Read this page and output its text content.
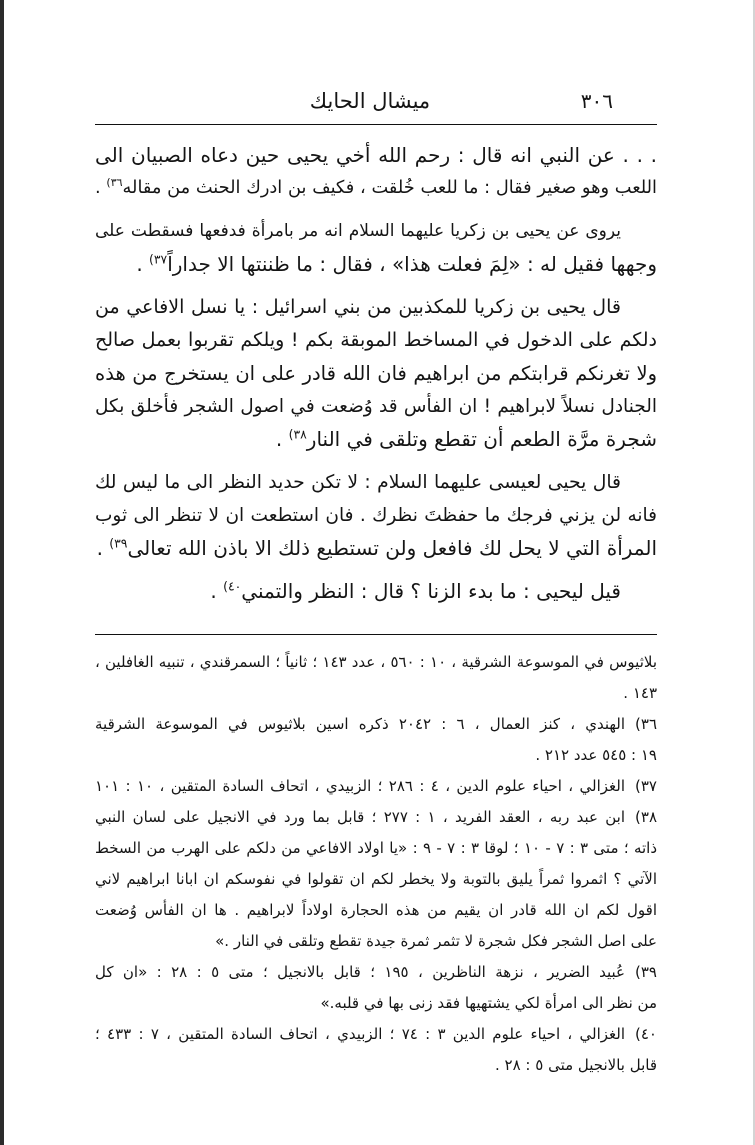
٣٠٦
ميشال الحايك
. . . عن النبي انه قال : رحم الله أخي يحيى حين دعاه الصبيان الى
اللعب وهو صغير فقال : ما للعب خُلقت ، فكيف بن ادرك الحنث من مقاله$^{٣٦)}$ .
يروى عن يحيى بن زكريا عليهما السلام انه مر بامرأة فدفعها فسقطت على
وجهها فقيل له : «لِمَ فعلت هذا» ، فقال : ما ظننتها الا جداراً$^{٣٧)}$ .
قال يحيى بن زكريا للمكذبين من بني اسرائيل : يا نسل الافاعي من
دلكم على الدخول في المساخط الموبقة بكم ! ويلكم تقربوا بعمل صالح
ولا تغرنكم قرابتكم من ابراهيم فان الله قادر على ان يستخرج من هذه
الجنادل نسلاً لابراهيم ! ان الفأس قد وُضعت في اصول الشجر فأخلق بكل
شجرة مرَّة الطعم أن تقطع وتلقى في النار$^{٣٨)}$ .
قال يحيى لعيسى عليهما السلام : لا تكن حديد النظر الى ما ليس لك
فانه لن يزني فرجك ما حفظتَ نظرك . فان استطعت ان لا تنظر الى ثوب
المرأة التي لا يحل لك فافعل ولن تستطيع ذلك الا باذن الله تعالى$^{٣٩)}$ .
قيل ليحيى : ما بدء الزنا ؟ قال : النظر والتمني$^{٤٠)}$ .
بلاثيوس في الموسوعة الشرقية ، ١٠ : ٥٦٠ ، عدد ١٤٣ ؛ ثانياً ؛ السمرقندي ، تنبيه الغافلين ،
١٤٣ .
٣٦)الهندي ، كنز العمال ، ٦ : ٢٠٤٢ ذكره اسين بلاثيوس في الموسوعة الشرقية
١٩ : ٥٤٥ عدد ٢١٢ .
٣٧)الغزالي ، احياء علوم الدين ، ٤ : ٢٨٦ ؛ الزبيدي ، اتحاف السادة المتقين ، ١٠ : ١٠١
٣٨)ابن عبد ربه ، العقد الفريد ، ١ : ٢٧٧ ؛ قابل بما ورد في الانجيل على لسان النبي
ذاته ؛ متى ٣ : ٧ - ١٠ ؛ لوقا ٣ : ٧ - ٩ : «يا اولاد الافاعي من دلكم على الهرب من السخط
الآتي ؟ اثمروا ثمراً يليق بالتوبة ولا يخطر لكم ان تقولوا في نفوسكم ان ابانا ابراهيم لاني
اقول لكم ان الله قادر ان يقيم من هذه الحجارة اولاداً لابراهيم . ها ان الفأس وُضعت
على اصل الشجر فكل شجرة لا تثمر ثمرة جيدة تقطع وتلقى في النار .»
٣٩)عُبيد الضرير ، نزهة الناظرين ، ١٩٥ ؛ قابل بالانجيل ؛ متى ٥ : ٢٨ : «ان كل
من نظر الى امرأة لكي يشتهيها فقد زنى بها في قلبه.»
٤٠)الغزالي ، احياء علوم الدين ٣ : ٧٤ ؛ الزبيدي ، اتحاف السادة المتقين ، ٧ : ٤٣٣ ؛
قابل بالانجيل متى ٥ : ٢٨ .
